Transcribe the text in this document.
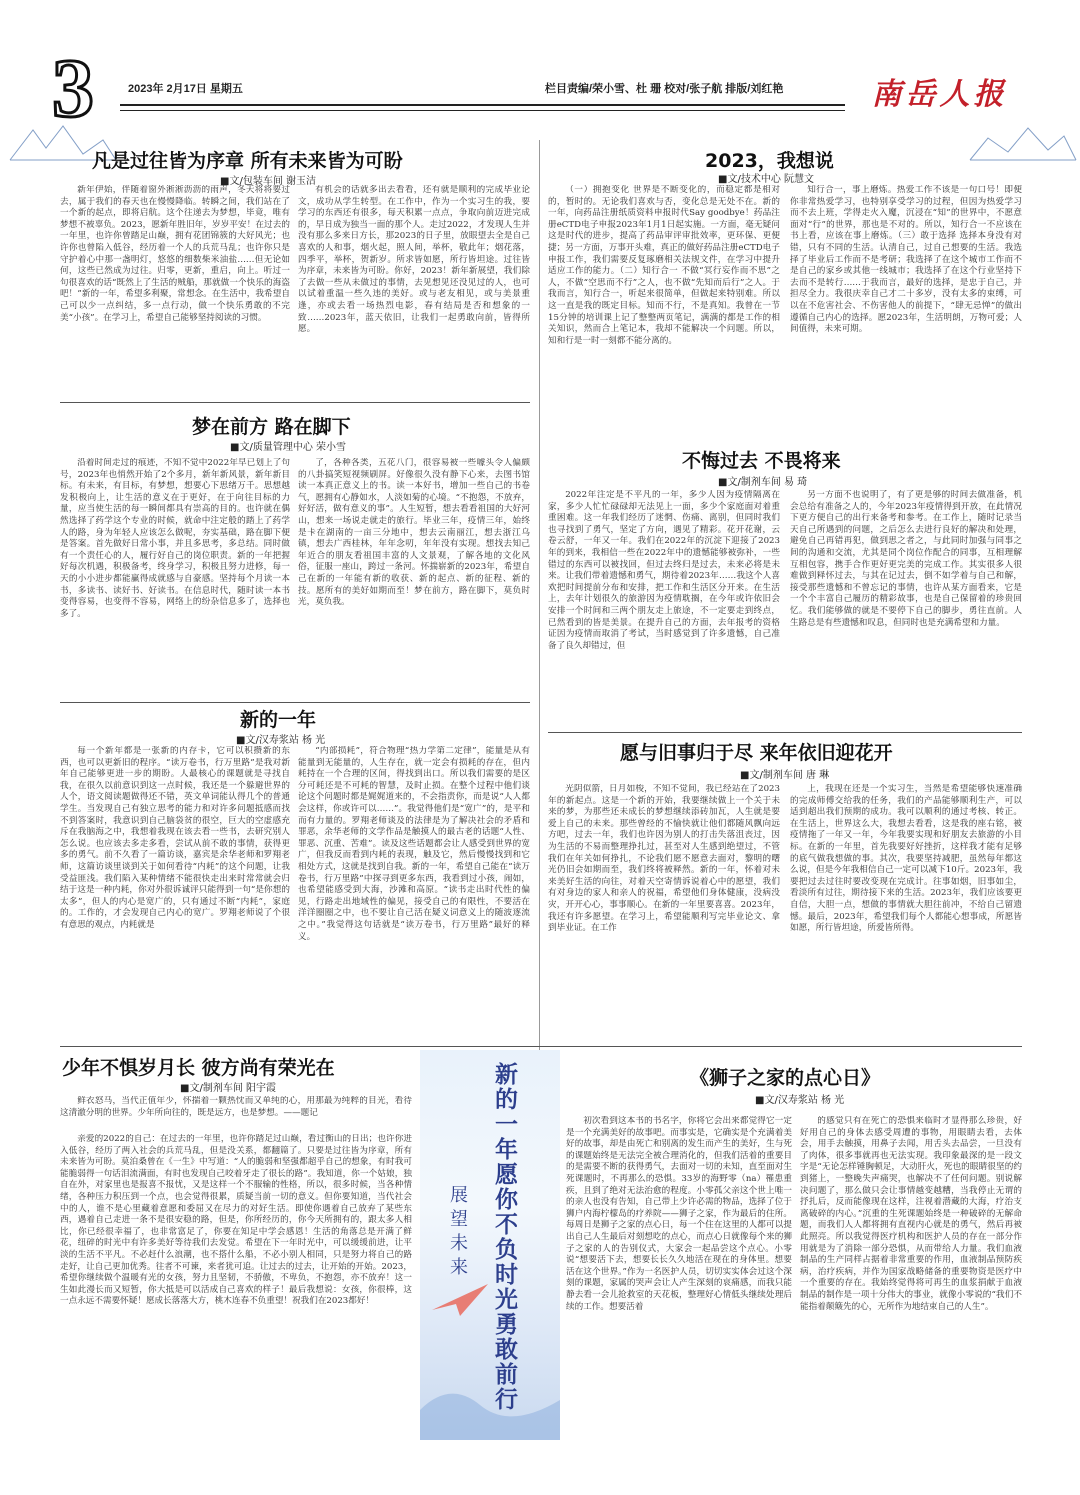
3	2023年 2月17日 星期五	栏目责编/荣小雪、杜 珊 校对/张子航 排版/刘红艳	南岳人报
凡是过往皆为序章 所有未来皆为可盼
■文/包装车间 谢玉洁
新年伊始，伴随着窗外淅淅沥沥的雨声，冬天将将要过去，属于我们的春天也在慢慢降临。转瞬之间，我们站在了一个新的起点，即将启航。这个往递去为梦想，毕竟，唯有梦想不被辜负。2023，愿新年胜旧年，岁岁平安！在过去的一年里，也许你曾踏足山巅，拥有花团锦簇的大好风光；也许你也曾陷入低谷，经历着一个人的兵荒马乱；也许你只是守护着心中那一盏明灯，悠悠的细数柴米油盐……但无论如何，这些已然成为过往。归零，更新，重启，向上。听过一句很喜欢的话“既然上了生活的贼船，那就做一个快乐的海盗吧！”新的一年，希望多利聚，常想念。在生活中，我希望自己可以少一点纠结，多一点行动，做一个快乐勇敢的不完美“小孩”。在学习上，希望自己能够坚持阅读的习惯。
有机会的话就多出去看看，还有就是顺利的完成毕业论文，成功从学生转型。在工作中，作为一个实习生的我，要学习的东西还有很多，每天积累一点点，争取向前迈进完成的，早日成为独当一面的那个人。走过2022，才发现人生并没有那么多来日方长，那2023的日子里，放眼望去全是自己喜欢的人和事，烟火起，照人间，举杯，敬此年；烟花落，四季平，举杯，贺新岁。所求皆如愿，所行皆坦途。过往皆为序章，未来皆为可盼。你好，2023！新年新展望，我们除了去做一些从未做过的事情，去见想见还没见过的人，也可以试着重温一些久违的美好。或与老友相见，或与美景重逢，亦或去看一场热烈电影，春有结局是否和想象的一致……2023年，蓝天依旧，让我们一起勇敢向前，皆得所愿。
2023，我想说
■文/技术中心 阮慧文
（一）拥抱变化 世界是不断变化的，而稳定都是相对的，暂时的。无论我们喜欢与否，变化总是无处不在。新的一年，向药品注册纸质资料申报时代Say goodbye！药品注册eCTD电子申报2023年1月1日起实施。一方面，毫无疑问这是时代的进步，提高了药品审评审批效率，更环保、更便捷；另一方面，万事开头难，真正的做好药品注册eCTD电子申报工作，我们需要反复琢磨相关法规文件，在学习中提升适应工作的能力。（二）知行合一 不做“冥行妄作而不思”之人，不做“空思而不行”之人，也不做“先知而后行”之人。于我而言，知行合一，听起来很简单，但做起来特别难。所以这一直是我的既定目标。知而不行，不是真知。我曾在一节15分钟的培训课上记了整整两页笔记，满满的都是工作的相关知识，然而合上笔记本，我却不能解决一个问题。所以，知和行是一时一刻都不能分离的。
知行合一，事上磨炼。热爱工作不该是一句口号！即便你非常热爱学习，也特别享受学习的过程，但因为热爱学习而不去上班，学得走火入魔，沉浸在“知”的世界中，不愿意面对“行”的世界，那也是不对的。所以，知行合一不应该在书上看，应该在事上磨炼。（三）敢于选择 选择本身没有对错，只有不同的生活。认清自己，过自己想要的生活。我选择了毕业后工作而不是考研；我选择了在这个城市工作而不是自己的家乡或其他一线城市；我选择了在这个行业坚持下去而不是转行……于我而言，最好的选择，是忠于自己，并担尽全力。我很庆幸自己才二十多岁，没有太多的束缚，可以在不危害社会、不伤害他人的前提下，“肆无忌惮”的做出遵循自己内心的选择。愿2023年，生活明朗，万物可爱；人间值得，未来可期。
梦在前方 路在脚下
■文/质量管理中心 荣小雪
沿着时间走过的痕迹，不知不觉中2022年早已划上了句号，2023年也悄然开始了2个多月，新年新风景，新年新目标。有未来，有目标，有梦想，想要心下思绪万千。思想越发积极向上，让生活的意义在于更好，在于向往目标的力量，应当使生活的每一瞬间都具有崇高的目的。也许就在偶然选择了药学这个专业的时候，就命中注定般的踏上了药学人的路，身为年轻人应该怎么做呢，夯实基础，路在脚下便是答案。首先做好日常小事，并且多思考，多总结。同时做有一个责任心的人，履行好自己的岗位职责。新的一年把握好每次机遇，积极备考，终身学习，积极且努力进修，每一天的小小进步都能赢得成就感与自豪感。坚持每个月读一本书，多读书、读好书、好读书。在信息时代，随时读一本书变得容易，也变得不容易，网络上的纷杂信息多了，选择也多了。
了，各种各类，五花八门，很容易被一些噱头令人偏颇的八卦搞笑短视频刷屏。好像很久没有静下心来，去图书馆读一本真正意义上的书。读一本好书，增加一些自己的书卷气，愿拥有心静如水，人淡如菊的心境。“不抱怨，不放弃，好好活，做有意义的事”。人生短暂，想去看看祖国的大好河山，想来一场说走就走的旅行。毕业三年，疫情三年，始终是卡在湖南的一亩三分地中，想去云南丽江，想去浙江乌镇，想去广西桂林，年年念叨，年年没有实现。想找去知己年近合的朋友看祖国丰富的人文景观，了解各地的文化风俗，征服一座山，跨过一条河。怀揣崭新的2023年，希望自己在新的一年能有新的收获、新的起点、新的征程、新的技。愿所有的美好如期而至！梦在前方，路在脚下，莫负时光，莫负我。
不悔过去 不畏将来
■文/制剂车间 易 琦
2022年注定是不平凡的一年，多少人因为疫情隔离在家，多少人忙忙碌碌却无法见上一面，多少个家庭面对着重重困难。这一年我们经历了迷惘、伤痛、离别，但同时我们也寻找到了勇气，坚定了方向，遇见了精彩。花开花谢，云卷云舒，一年又一年。我们在2022年的沉淀下迎接了2023年的到来，我相信一些在2022年中的遗憾能够被弥补，一些错过的东西可以被找回，但过去终归是过去，未来必将是未来。让我们带着遗憾和勇气，期待着2023年……我这个人喜欢把时间提前分布和安排，把工作和生活区分开来。在生活上，去年计划很久的旅游因为疫情耽搁，在今年或许依旧会安排一个时间和三两个朋友走上旅途，不一定要走到终点，已然看到的皆是美景。在提升自己的方面，去年报考的资格证因为疫情而取消了考试，当时感觉到了许多遗憾，自己准备了良久却错过，但
另一方面不也说明了，有了更是够的时间去做准备，机会总给有准备之人的，今年2023年疫情得到开放，在此情况下更方便自己的出行来备考和参考。在工作上，随时记录当天自己所遇到的问题，之后怎么去进行良好的解决和处理，避免自己再错再犯，做到思之者之，与此同时加强与同事之间的沟通和交流，尤其是同个岗位作配合的同事，互相理解互相包容，携手合作更好更完美的完成工作。其实很多人很难做到释怀过去，与其在记过去，倒不如学着与自己和解，接受那些遗憾和不曾忘记的事情，也许从某方面看来，它是一个个丰富自己履历的精彩故事，也是自己保留着的珍贵回忆。我们能够做的就是不要停下自己的脚步，勇往直前。人生路总是有些遗憾和叹息，但同时也是充满希望和力量。
新的一年
■文/汉寿浆站 杨 光
每一个新年都是一张新的内存卡，它可以积攒新的东西，也可以更新旧的程序。“读万卷书，行万里路”是我对新年自己能够更进一步的期盼。人最核心的课题就是寻找自我，在很久以前意识到这一点时候，我还是一个躲避世界的人个，语文阅读题做得还不错，英文单词能认得几个的普通学生。当发现自己有独立思考的能力和对许多问题抵感而找不到答案时，我意识到自己脑袋贫的很空，巨大的空虚感充斥在我脑海之中，我想着我现在该去看一些书，去研究别人怎么说。也应该去多走多看，尝试从前不敢的事情，获得更多的勇气。前不久看了一篇访谈，嘉宾是余华老师和罗翔老师，这篇访谈里谈到关于如何看待“内耗”的这个问题，让我受益匪浅。我们陷入某种情绪不能很快走出来时常常就会归结于这是一种内耗，你对外很诉诚评只能得到一句“是你想的太多”，但人的内心是宽广的，只有通过不断“内耗”，家庭的。工作的，才会发现自己内心的宽广。罗翔老师说了个很有意思的观点，内耗就是
“内部损耗”，符合物理“热力学第二定律”，能量是从有能量到无能量的，人生存在，就一定会有损耗的存在，但内耗持在一个合理的区间，得找到出口。所以我们需要的是区分可耗还是不可耗的智慧，及时止损。在整个过程中他们谈论这个问题时都是娓娓道来的，不会指责你，而是说“人人都会这样，你或许可以……”。我觉得他们是“宽广”的，是平和而有力量的。罗翔老师谈及的法律是为了解决社会的矛盾和罪恶，余华老师的文学作品是触摸人的最古老的话题“人性、罪恶、沉重、苦难”。读及这些话题都会让人感受到世界的宽广，但我反而看到内耗的表现，触及它，然后慢慢找到和它相处方式，这就是找到自我。新的一年，希望自己能在“读万卷书，行万里路”中探寻到更多东西，我看到过小孩，闹如，也希望能感受到大海，沙滩和高原。“读书走出时代性的偏见，行路走出地域性的偏见，接受自己的有限性，不要活在洋洋圈圈之中，也不要让自己活在疑义词意义上的随波逐流之中。”我觉得这句话就是“读万卷书，行万里路”最好的释义。
愿与旧事归于尽 来年依旧迎花开
■文/制剂车间 唐 琳
光阴似箭，日月如梭，不知不觉间，我已经站在了2023年的新起点。这是一个新的开始，我要继续做上一个关于未来的梦，为那些还未成长的梦想继续添砖加瓦，人生就是要爱上自己的未来。那些曾经的不愉快就让他们都随风飘向远方吧，过去一年，我们也许因为别人的打击失落沮丧过，因为生活的不易而整理挣扎过，甚至对人生感到绝望过，不管我们在年关如何挣扎，不论我们愿不愿意去面对，黎明的曙光仍旧会如期而至，我们终将被释然。新的一年，怀着对未来美好生活的向往，对着天空寄情诉说着心中的愿望，我们有对身边的家人和亲人的祝福，希望他们身体健康，没病没灾，开开心心，事事顺心。在新的一年里要喜喜。2023年，我还有许多愿望。在学习上，希望能顺利写完毕业论文、拿到毕业证。在工作
上，我现在还是一个实习生，当然是希望能够快速准确的完成师傅交给我的任务，我们的产品能够顺利生产，可以适到超出我们预期的成功。我可以顺利的通过考核、转正。在生活上，世界这么大，我想去看看，这是我的座右铭，被疫情拖了一年又一年，今年我要实现和好朋友去旅游的小目标。在新的一年里，首先我要好好挫折，这样我才能有足够的底气做我想做的事。其次，我要坚持减肥，虽然每年都这么说，但是今年我相信自己一定可以减下10斤。2023年，我要把过去过往时要改变现在完成计。往事如烟，旧事如尘，看淡所有过往，期待接下来的生活。2023年，我们应该要更自信，大胆一点，想做的事情就大胆往前冲，不给自己留遗憾。最后，2023年，希望我们每个人都能心想事成，所愿皆如愿，所行皆坦途，所爱皆所得。
少年不惧岁月长 彼方尚有荣光在
■文/制剂车间 阳宇霞
鲜衣怒马，当代正值年少，怀揣着一颗热忱而又单纯的心，用那最为纯粹的目光，看待这清澈分明的世界。少年所向往的，既是远方，也是梦想。——题记
亲爱的2022的自己：在过去的一年里，也许你踏足过山巅，看过衡山的日出；也许你进入低谷，经历了两入社会的兵荒马乱，但是没关系，都翻篇了。只要是过往皆为序章，所有未来皆为可盼。莫泊桑曾在《一生》中写道：“人的脆弱和坚强都超乎自己的想象，有时我可能脆弱得一句话泪流满面，有时也发现自己咬着牙走了很长的路”。我知道，你一个姑娘，独自在外，对家里也是报喜不报忧，又是这样一个不服输的性格，所以，很多时候，当各种情绪，各种压力积压到一个点，也会觉得很累，质疑当前一切的意义。但你要知道，当代社会中的人，谁不是心里藏着意愿和委屈又在尽力的对好生活。即使你遇着自己放弃了某些东西，遇着自己走进一条不是很安稳的路，但是，你所经历的，你今天所拥有的，跟太多人相比，你已经很幸福了，也非常富足了，你要在知足中学会感恩！生活的角落总是开满了鲜花，纽碎的时光中有许多美好等待我们去发觉。希望在下一年时光中，可以缓缓前进，让平淡的生活不平凡。不必赶什么浪潮，也不搭什么船，不必小别人相同，只是努力将自己的路走好，让自己更加优秀。往者不可谏，来者犹可追。让过去的过去，让开始的开始。2023，希望你继续做个温暖有光的女孩，努力且坚韧，不骄傲，不卑负，不抱怨，亦不放弃！这一生如此漫长而又短暂，你大抵是可以活成自己喜欢的样子！最后我想说：女孩，你很棒，这一点永远不需要怀疑！愿成长落落大方，桃木连春不负重望！祝我们在2023都好！	新的一年愿你不负时光勇敢前行
展望未来
《狮子之家的点心日》
■文/汉寿浆站 杨 光
初次看到这本书的书名字，你将它会出来都觉得它一定是一个充满美好的故事吧。而事实是，它确实是个充满着美好的故事，却是由死亡和别离的发生而产生的美好，生与死的课题始终是无法完全被合理消化的，但我们活着的重要目的是需要不断的获得勇气，去面对一切的未知，直至面对生死课题时，不再那么的恐惧。33岁的海野零（na）罹患重疾，且到了绝对无法治愈的程度。小零孤父亲这个世上唯一的亲人也没有告知，自己带上少许必需的物品，选择了位于狮户内海柠檬岛的疗养院——狮子之家，作为最后的住所。每周日是狮子之家的点心日，每一个住在这里的人都可以提出自己人生最后对刻想吃的点心，而点心日就像每个来的狮子之家的人的告别仪式，大家会一起品尝这个点心。小零说“想要活下去，想要长长久久地活在现在的身体里。想要活在这个世界。”作为一名医护人员，切切实实体会过这个深刻的课题，家属的哭声会让人产生深刻的哀痛感，而我只能静去看一会儿抢救室的天花板，整理好心情低头继续处理后续的工作。想要活着
的感觉只有在死亡的恐惧来临时才显得那么珍贵，好好用自己的身体去感受周遭的事物，用眼睛去看，去体会，用手去触摸，用鼻子去闻，用舌头去品尝，一旦没有了肉体，很多事就再也无法实现。我印象最深的是一段文字是“无论怎样锤胸顿足，大动肝火，死也的眼睛很坚的约到猪上，一整晚失声痛哭，也解决不了任何问题。别说解决问题了，那么做只会让事情越变越糟，当我停止无谓的抒扎后，反而能像现在这样，注视着潜藏的大海，疗治支离破碎的内心。”沉重的生死课题始终是一种破碎的无解命题，而我们人人都将拥有直视内心就是的勇气，然后再被此照亮。所以我觉得医疗机构和医护人员的存在一部分作用就是为了消除一部分恐惧，从而带给人力量。我们血液制品的生产同样占据着非常重要的作用，血液制品预防疾病，治疗疾病，并作为国家战略储备的重要物资是医疗中一个重要的存在。我始终觉得将可再生的血浆捐献于血液制品的制作是一项十分伟大的事业，就像小零说的“我们不能指着颠簸先的心，无所作为地结束自己的人生”。
